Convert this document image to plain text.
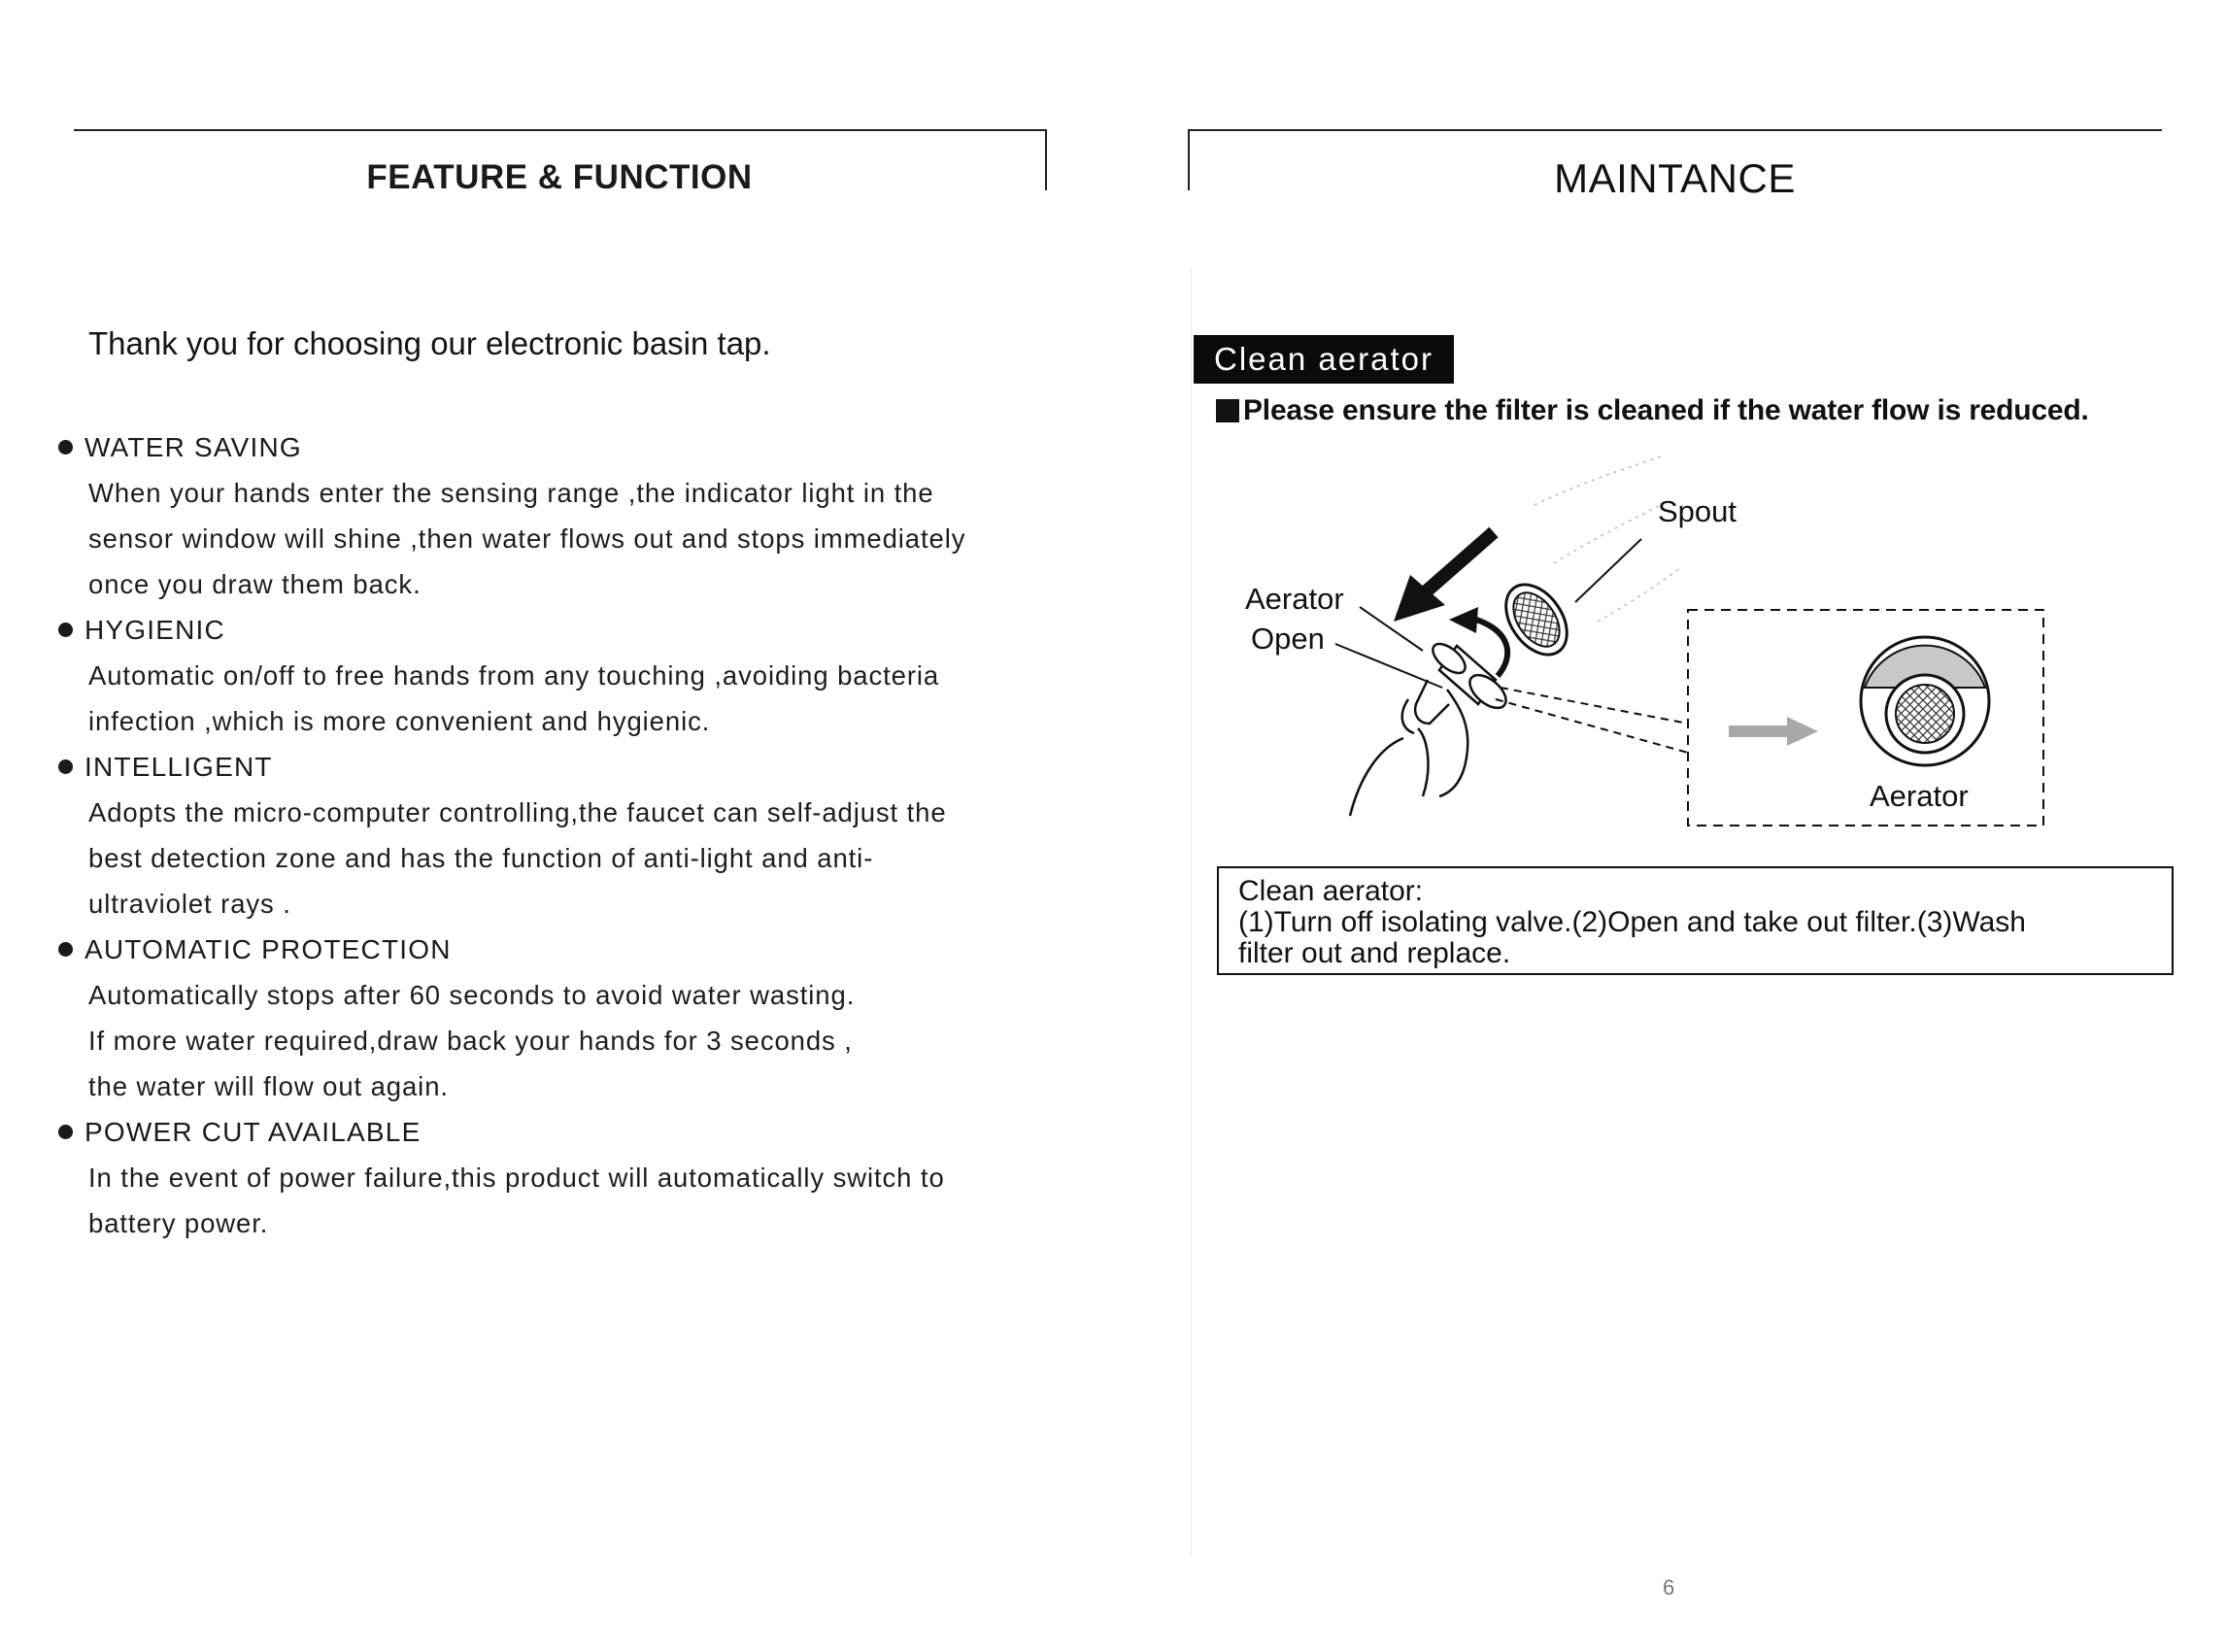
FEATURE & FUNCTION
Thank you for choosing our electronic basin tap.
WATER SAVING
When your hands enter the sensing range ,the indicator light in the
sensor window will shine ,then water flows out and stops immediately
once you draw them back.
HYGIENIC
Automatic on/off to free hands from any touching ,avoiding bacteria
infection ,which is more convenient and hygienic.
INTELLIGENT
Adopts the micro-computer controlling,the faucet can self-adjust the
best detection zone and has the function of anti-light and anti-
ultraviolet rays .
AUTOMATIC PROTECTION
Automatically stops after 60 seconds to avoid water wasting.
If more water required,draw back your hands for 3 seconds ,
the water will flow out again.
POWER CUT AVAILABLE
In the event of power failure,this product will automatically switch to
battery power.
MAINTANCE
Clean aerator
Please ensure the filter is cleaned if the water flow is reduced.
Spout
Aerator
Open
Aerator
Clean aerator:
(1)Turn off isolating valve.(2)Open and take out filter.(3)Wash
filter out and replace.
6
